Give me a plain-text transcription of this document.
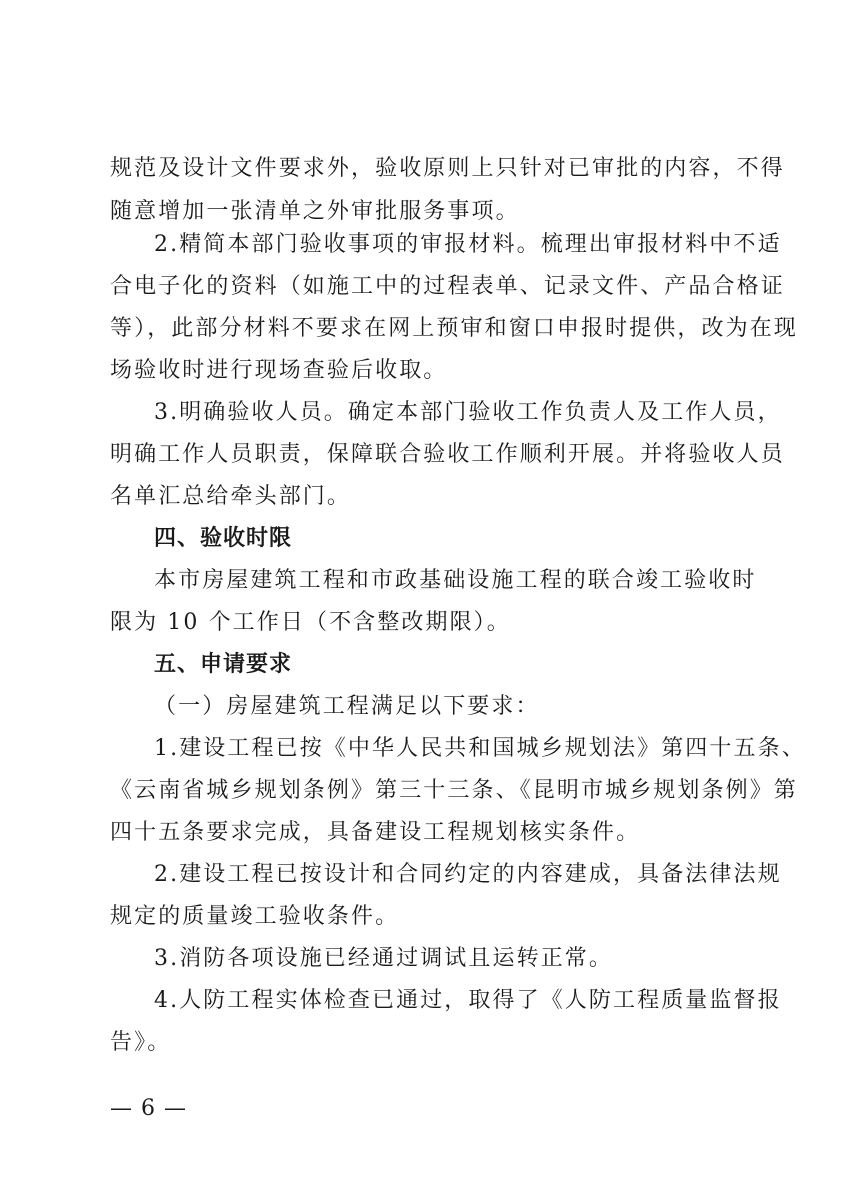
规范及设计文件要求外，验收原则上只针对已审批的内容，不得
随意增加一张清单之外审批服务事项。
2.精简本部门验收事项的审报材料。梳理出审报材料中不适
合电子化的资料（如施工中的过程表单、记录文件、产品合格证
等），此部分材料不要求在网上预审和窗口申报时提供，改为在现
场验收时进行现场查验后收取。
3.明确验收人员。确定本部门验收工作负责人及工作人员，
明确工作人员职责，保障联合验收工作顺利开展。并将验收人员
名单汇总给牵头部门。
四、验收时限
本市房屋建筑工程和市政基础设施工程的联合竣工验收时
限为 10 个工作日（不含整改期限）。
五、申请要求
（一）房屋建筑工程满足以下要求：
1.建设工程已按《中华人民共和国城乡规划法》第四十五条、
《云南省城乡规划条例》第三十三条、《昆明市城乡规划条例》第
四十五条要求完成，具备建设工程规划核实条件。
2.建设工程已按设计和合同约定的内容建成，具备法律法规
规定的质量竣工验收条件。
3.消防各项设施已经通过调试且运转正常。
4.人防工程实体检查已通过，取得了《人防工程质量监督报
告》。
— 6 —
